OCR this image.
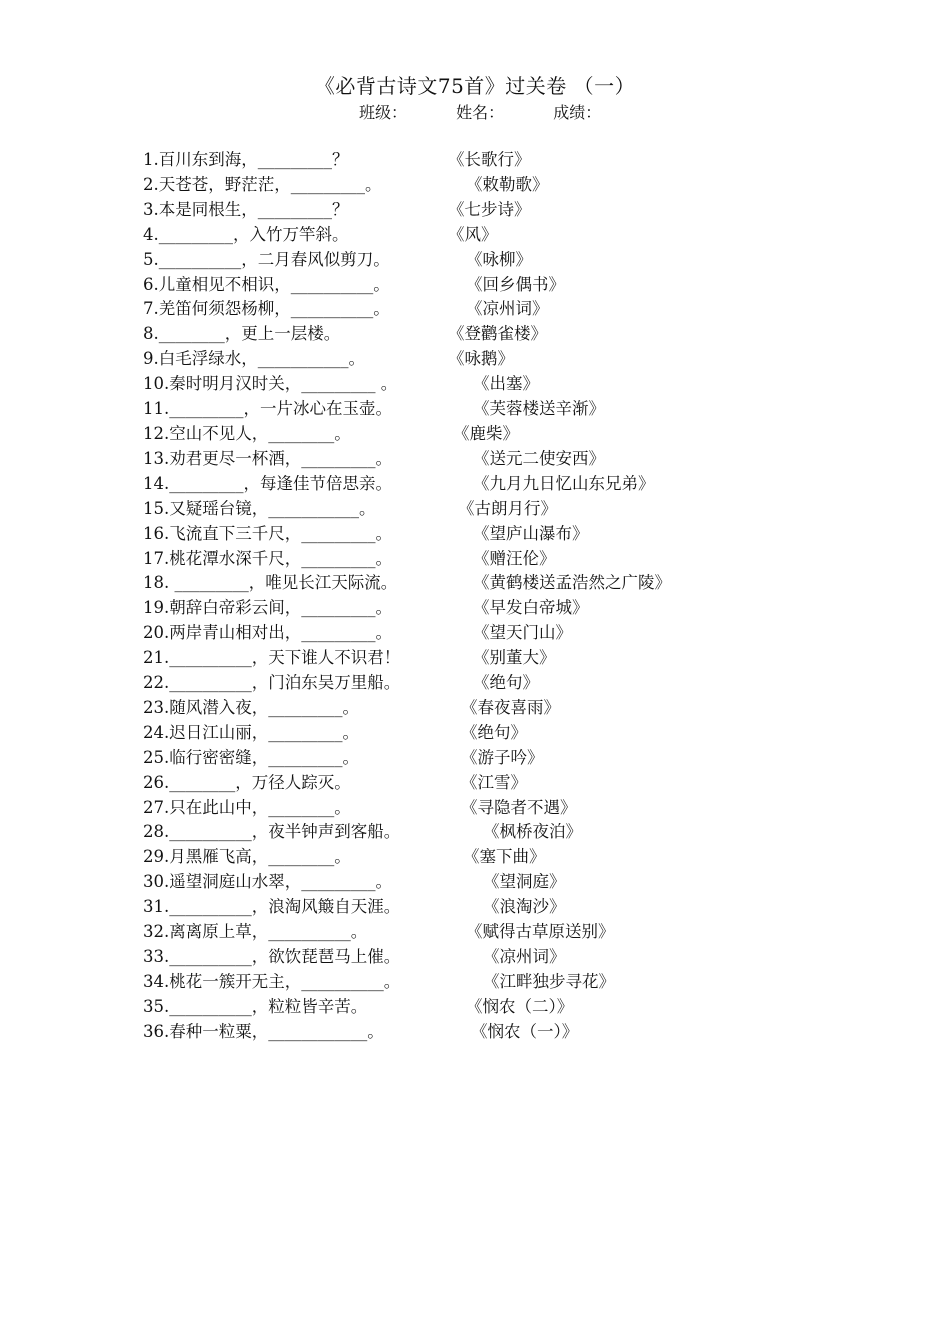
《必背古诗文75首》过关卷 （一）
班级：	姓名：	成绩：
1.百川东到海，_________？	《长歌行》
2.天苍苍，野茫茫，_________。	《敕勒歌》
3.本是同根生，_________？	《七步诗》
4._________，入竹万竿斜。	《风》
5.__________，二月春风似剪刀。	《咏柳》
6.儿童相见不相识，__________。	《回乡偶书》
7.羌笛何须怨杨柳，__________。	《凉州词》
8.________，更上一层楼。	《登鹳雀楼》
9.白毛浮绿水，___________。	《咏鹅》
10.秦时明月汉时关，_________ 。	《出塞》
11._________，一片冰心在玉壶。	《芙蓉楼送辛渐》
12.空山不见人，________。	《鹿柴》
13.劝君更尽一杯酒，_________。	《送元二使安西》
14._________，每逢佳节倍思亲。	《九月九日忆山东兄弟》
15.又疑瑶台镜，___________。	《古朗月行》
16.飞流直下三千尺，_________。	《望庐山瀑布》
17.桃花潭水深千尺，_________。	《赠汪伦》
18. _________，唯见长江天际流。	《黄鹤楼送孟浩然之广陵》
19.朝辞白帝彩云间，_________。	《早发白帝城》
20.两岸青山相对出，_________。	《望天门山》
21.__________，天下谁人不识君！	《别董大》
22.__________，门泊东吴万里船。	《绝句》
23.随风潜入夜，_________。	《春夜喜雨》
24.迟日江山丽，_________。	《绝句》
25.临行密密缝，_________。	《游子吟》
26.________，万径人踪灭。	《江雪》
27.只在此山中，________。	《寻隐者不遇》
28.__________，夜半钟声到客船。	《枫桥夜泊》
29.月黑雁飞高，________。	《塞下曲》
30.遥望洞庭山水翠，_________。	《望洞庭》
31.__________，浪淘风簸自天涯。	《浪淘沙》
32.离离原上草，__________。	《赋得古草原送别》
33.__________，欲饮琵琶马上催。	《凉州词》
34.桃花一簇开无主，__________。	《江畔独步寻花》
35.__________，粒粒皆辛苦。	《悯农（二）》
36.春种一粒粟，____________。	《悯农（一）》
